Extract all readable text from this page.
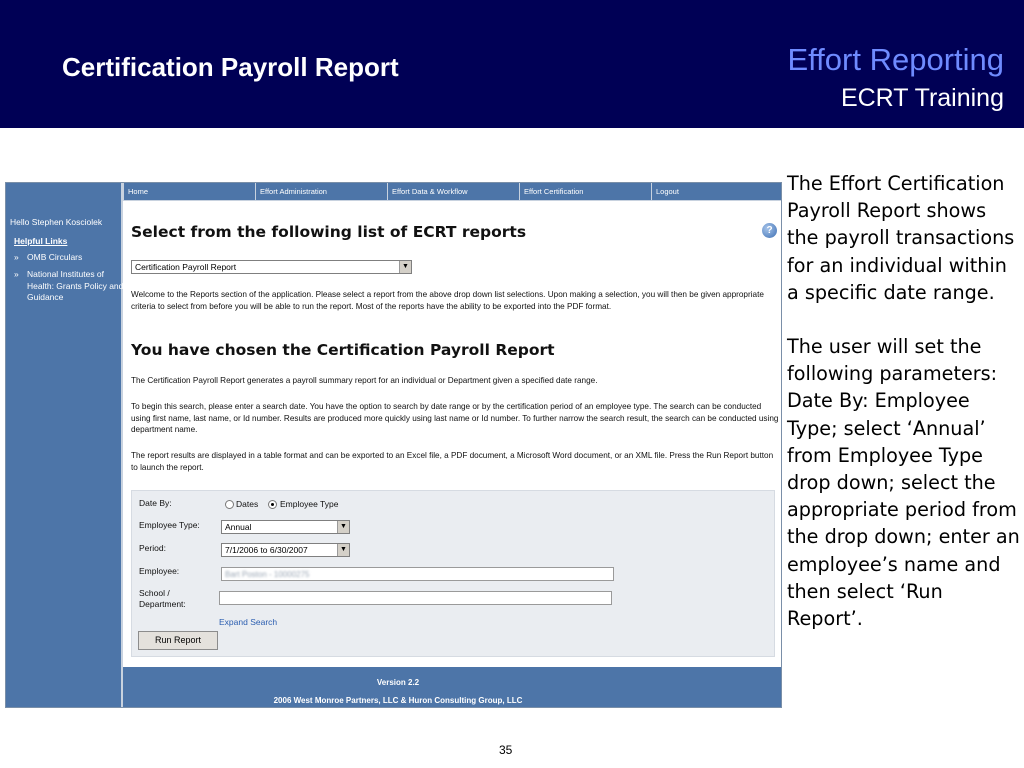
Certification Payroll Report	Effort Reporting
ECRT Training
Hello Stephen Kosciolek
Helpful Links
» OMB Circulars
» National Institutes of Health: Grants Policy and Guidance
Home	Effort Administration	Effort Data & Workflow	Effort Certification	Logout
Select from the following list of ECRT reports	?
Certification Payroll Report	▼
Welcome to the Reports section of the application. Please select a report from the above drop down list selections. Upon making a selection, you will then be given appropriate criteria to select from before you will be able to run the report. Most of the reports have the ability to be exported into the PDF format.
You have chosen the Certification Payroll Report
The Certification Payroll Report generates a payroll summary report for an individual or Department given a specified date range.
To begin this search, please enter a search date. You have the option to search by date range or by the certification period of an employee type. The search can be conducted using first name, last name, or Id number. Results are produced more quickly using last name or Id number. To further narrow the search result, the search can be conducted using department name.
The report results are displayed in a table format and can be exported to an Excel file, a PDF document, a Microsoft Word document, or an XML file. Press the Run Report button to launch the report.
Date By:	Dates	Employee Type
Employee Type:	Annual	▼
Period:	7/1/2006 to 6/30/2007	▼
Employee:	Bart Poston - 10000275
School /
Department:
Expand Search
Run Report
Version 2.2
2006 West Monroe Partners, LLC & Huron Consulting Group, LLC

The Effort Certification Payroll Report shows the payroll transactions for an individual within a specific date range.

The user will set the following parameters: Date By: Employee Type; select ‘Annual’ from Employee Type drop down; select the appropriate period from the drop down; enter an employee’s name and then select ‘Run Report’.

35
